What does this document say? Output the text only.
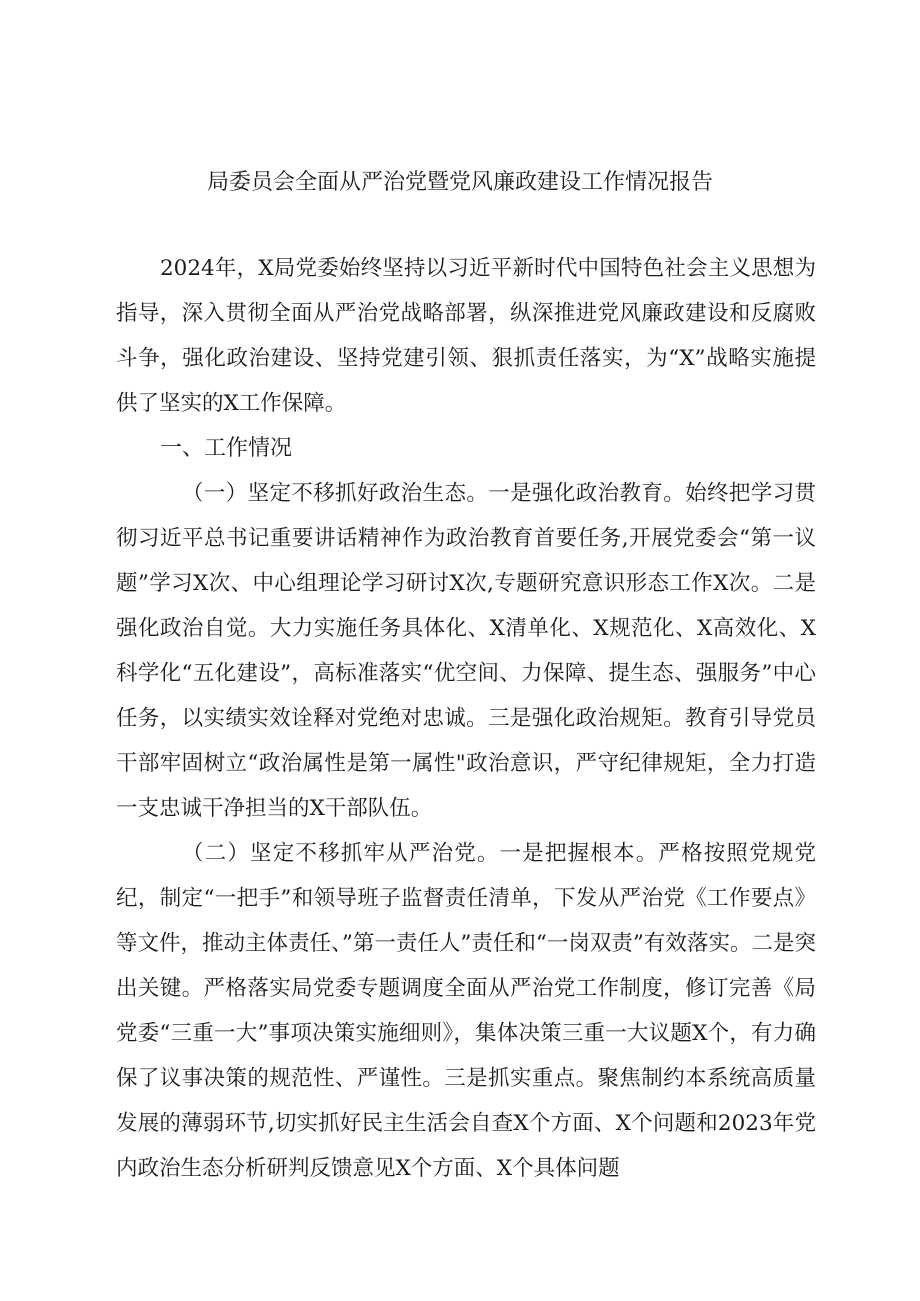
局委员会全面从严治党暨党风廉政建设工作情况报告

2024年，X局党委始终坚持以习近平新时代中国特色社会主义思想为指导，深入贯彻全面从严治党战略部署，纵深推进党风廉政建设和反腐败斗争，强化政治建设、坚持党建引领、狠抓责任落实，为“X”战略实施提供了坚实的X工作保障。

一、工作情况

（一）坚定不移抓好政治生态。一是强化政治教育。始终把学习贯彻习近平总书记重要讲话精神作为政治教育首要任务,开展党委会“第一议题”学习X次、中心组理论学习研讨X次,专题研究意识形态工作X次。二是强化政治自觉。大力实施任务具体化、X清单化、X规范化、X高效化、X科学化“五化建设”，高标准落实“优空间、力保障、提生态、强服务”中心任务，以实绩实效诠释对党绝对忠诚。三是强化政治规矩。教育引导党员干部牢固树立“政治属性是第一属性"政治意识，严守纪律规矩，全力打造一支忠诚干净担当的X干部队伍。

（二）坚定不移抓牢从严治党。一是把握根本。严格按照党规党纪，制定“一把手”和领导班子监督责任清单，下发从严治党《工作要点》等文件，推动主体责任、”第一责任人”责任和“一岗双责”有效落实。二是突出关键。严格落实局党委专题调度全面从严治党工作制度，修订完善《局党委“三重一大”事项决策实施细则》，集体决策三重一大议题X个，有力确保了议事决策的规范性、严谨性。三是抓实重点。聚焦制约本系统高质量发展的薄弱环节,切实抓好民主生活会自查X个方面、X个问题和2023年党内政治生态分析研判反馈意见X个方面、X个具体问题
